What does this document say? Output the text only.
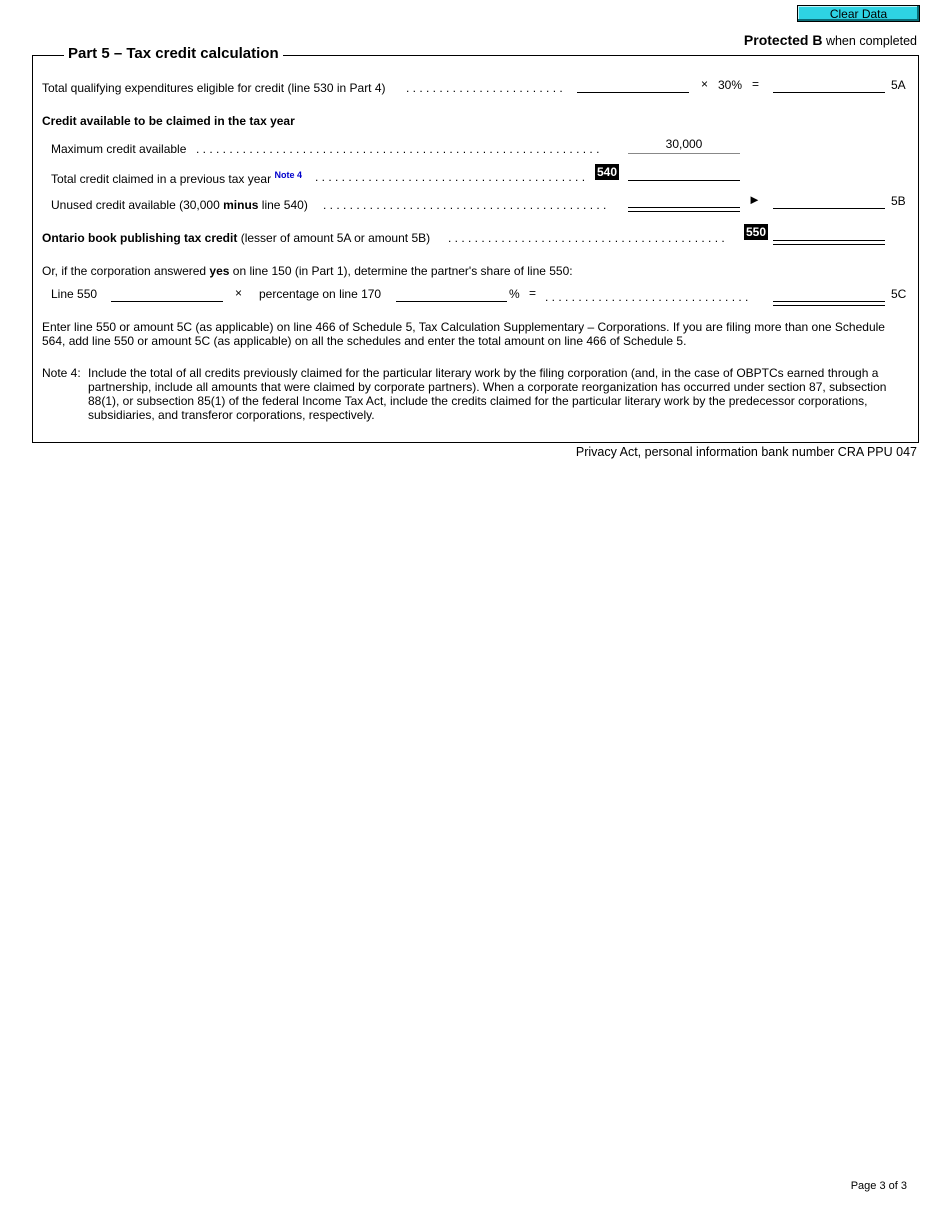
Clear Data
Protected B when completed
Part 5 – Tax credit calculation
Total qualifying expenditures eligible for credit (line 530 in Part 4) . . . . . . . . . . . . . . . . . . . . . . . .	× 30% =	5A
Credit available to be claimed in the tax year
Maximum credit available . . . . . . . . . . . . . . . . . . . . . . . . . . . . . . . . . . . . . . . . . . . . . . . . . . . . . . . . . . . . .	30,000
Total credit claimed in a previous tax year $^{Note 4}$ . . . . . . . . . . . . . . . . . . . . . . . . . . . . . . . . . . . . . . . . . 540
Unused credit available (30,000 minus line 540) . . . . . . . . . . . . . . . . . . . . . . . . . . . . . . . . . . . . . . . . . . .	►	5B
Ontario book publishing tax credit (lesser of amount 5A or amount 5B) . . . . . . . . . . . . . . . . . . . . . . . . . . . . . . . . . . . . . . . . . . 550
Or, if the corporation answered yes on line 150 (in Part 1), determine the partner's share of line 550:
Line 550	× percentage on line 170	% = . . . . . . . . . . . . . . . . . . . . . . . . . . . . . . .	5C
Enter line 550 or amount 5C (as applicable) on line 466 of Schedule 5, Tax Calculation Supplementary – Corporations. If you are filing more than one Schedule 564, add line 550 or amount 5C (as applicable) on all the schedules and enter the total amount on line 466 of Schedule 5.
Note 4: Include the total of all credits previously claimed for the particular literary work by the filing corporation (and, in the case of OBPTCs earned through a partnership, include all amounts that were claimed by corporate partners). When a corporate reorganization has occurred under section 87, subsection 88(1), or subsection 85(1) of the federal Income Tax Act, include the credits claimed for the particular literary work by the predecessor corporations, subsidiaries, and transferor corporations, respectively.
Privacy Act, personal information bank number CRA PPU 047
Page 3 of 3
